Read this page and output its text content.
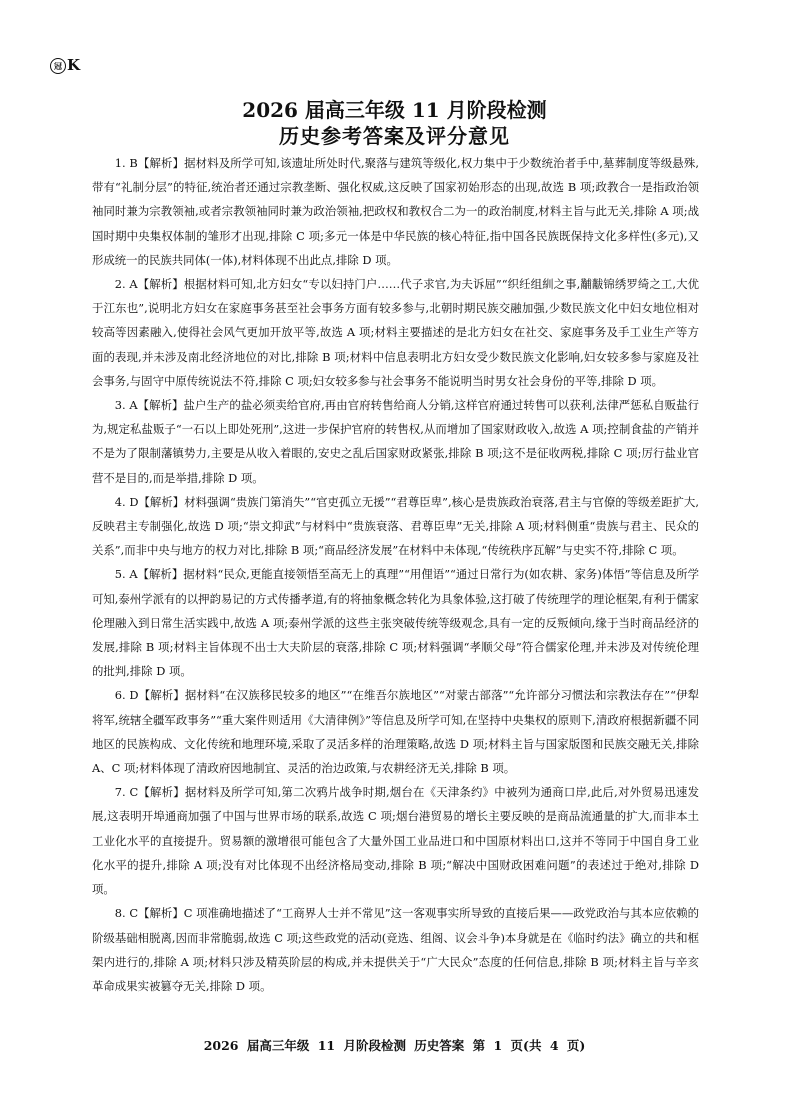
冠 K
2026 届高三年级 11 月阶段检测
历史参考答案及评分意见

1. B【解析】据材料及所学可知,该遗址所处时代,聚落与建筑等级化,权力集中于少数统治者手中,墓葬制度等级悬殊,带有“礼制分层”的特征,统治者还通过宗教垄断、强化权威,这反映了国家初始形态的出现,故选 B 项;政教合一是指政治领袖同时兼为宗教领袖,或者宗教领袖同时兼为政治领袖,把政权和教权合二为一的政治制度,材料主旨与此无关,排除 A 项;战国时期中央集权体制的雏形才出现,排除 C 项;多元一体是中华民族的核心特征,指中国各民族既保持文化多样性(多元),又形成统一的民族共同体(一体),材料体现不出此点,排除 D 项。

2. A【解析】根据材料可知,北方妇女“专以妇持门户……代子求官,为夫诉屈”“织纴组紃之事,黼黻锦绣罗绮之工,大优于江东也”,说明北方妇女在家庭事务甚至社会事务方面有较多参与,北朝时期民族交融加强,少数民族文化中妇女地位相对较高等因素融入,使得社会风气更加开放平等,故选 A 项;材料主要描述的是北方妇女在社交、家庭事务及手工业生产等方面的表现,并未涉及南北经济地位的对比,排除 B 项;材料中信息表明北方妇女受少数民族文化影响,妇女较多参与家庭及社会事务,与固守中原传统说法不符,排除 C 项;妇女较多参与社会事务不能说明当时男女社会身份的平等,排除 D 项。

3. A【解析】盐户生产的盐必须卖给官府,再由官府转售给商人分销,这样官府通过转售可以获利,法律严惩私自贩盐行为,规定私盐贩子“一石以上即处死刑”,这进一步保护官府的转售权,从而增加了国家财政收入,故选 A 项;控制食盐的产销并不是为了限制藩镇势力,主要是从收入着眼的,安史之乱后国家财政紧张,排除 B 项;这不是征收两税,排除 C 项;厉行盐业官营不是目的,而是举措,排除 D 项。

4. D【解析】材料强调“贵族门第消失”“官吏孤立无援”“君尊臣卑”,核心是贵族政治衰落,君主与官僚的等级差距扩大,反映君主专制强化,故选 D 项;“崇文抑武”与材料中“贵族衰落、君尊臣卑”无关,排除 A 项;材料侧重“贵族与君主、民众的关系”,而非中央与地方的权力对比,排除 B 项;“商品经济发展”在材料中未体现,“传统秩序瓦解”与史实不符,排除 C 项。

5. A【解析】据材料“民众,更能直接领悟至高无上的真理”“用俚语”“通过日常行为(如农耕、家务)体悟”等信息及所学可知,泰州学派有的以押韵易记的方式传播孝道,有的将抽象概念转化为具象体验,这打破了传统理学的理论框架,有利于儒家伦理融入到日常生活实践中,故选 A 项;泰州学派的这些主张突破传统等级观念,具有一定的反叛倾向,缘于当时商品经济的发展,排除 B 项;材料主旨体现不出士大夫阶层的衰落,排除 C 项;材料强调“孝顺父母”符合儒家伦理,并未涉及对传统伦理的批判,排除 D 项。

6. D【解析】据材料“在汉族移民较多的地区”“在维吾尔族地区”“对蒙古部落”“允许部分习惯法和宗教法存在”“伊犁将军,统辖全疆军政事务”“重大案件则适用《大清律例》”等信息及所学可知,在坚持中央集权的原则下,清政府根据新疆不同地区的民族构成、文化传统和地理环境,采取了灵活多样的治理策略,故选 D 项;材料主旨与国家版图和民族交融无关,排除 A、C 项;材料体现了清政府因地制宜、灵活的治边政策,与农耕经济无关,排除 B 项。

7. C【解析】据材料及所学可知,第二次鸦片战争时期,烟台在《天津条约》中被列为通商口岸,此后,对外贸易迅速发展,这表明开埠通商加强了中国与世界市场的联系,故选 C 项;烟台港贸易的增长主要反映的是商品流通量的扩大,而非本土工业化水平的直接提升。贸易额的激增很可能包含了大量外国工业品进口和中国原材料出口,这并不等同于中国自身工业化水平的提升,排除 A 项;没有对比体现不出经济格局变动,排除 B 项;“解决中国财政困难问题”的表述过于绝对,排除 D 项。

8. C【解析】C 项准确地描述了“工商界人士并不常见”这一客观事实所导致的直接后果——政党政治与其本应依赖的阶级基础相脱离,因而非常脆弱,故选 C 项;这些政党的活动(竞选、组阁、议会斗争)本身就是在《临时约法》确立的共和框架内进行的,排除 A 项;材料只涉及精英阶层的构成,并未提供关于“广大民众”态度的任何信息,排除 B 项;材料主旨与辛亥革命成果实被篡夺无关,排除 D 项。

2026 届高三年级 11 月阶段检测 历史答案 第 1 页(共 4 页)
